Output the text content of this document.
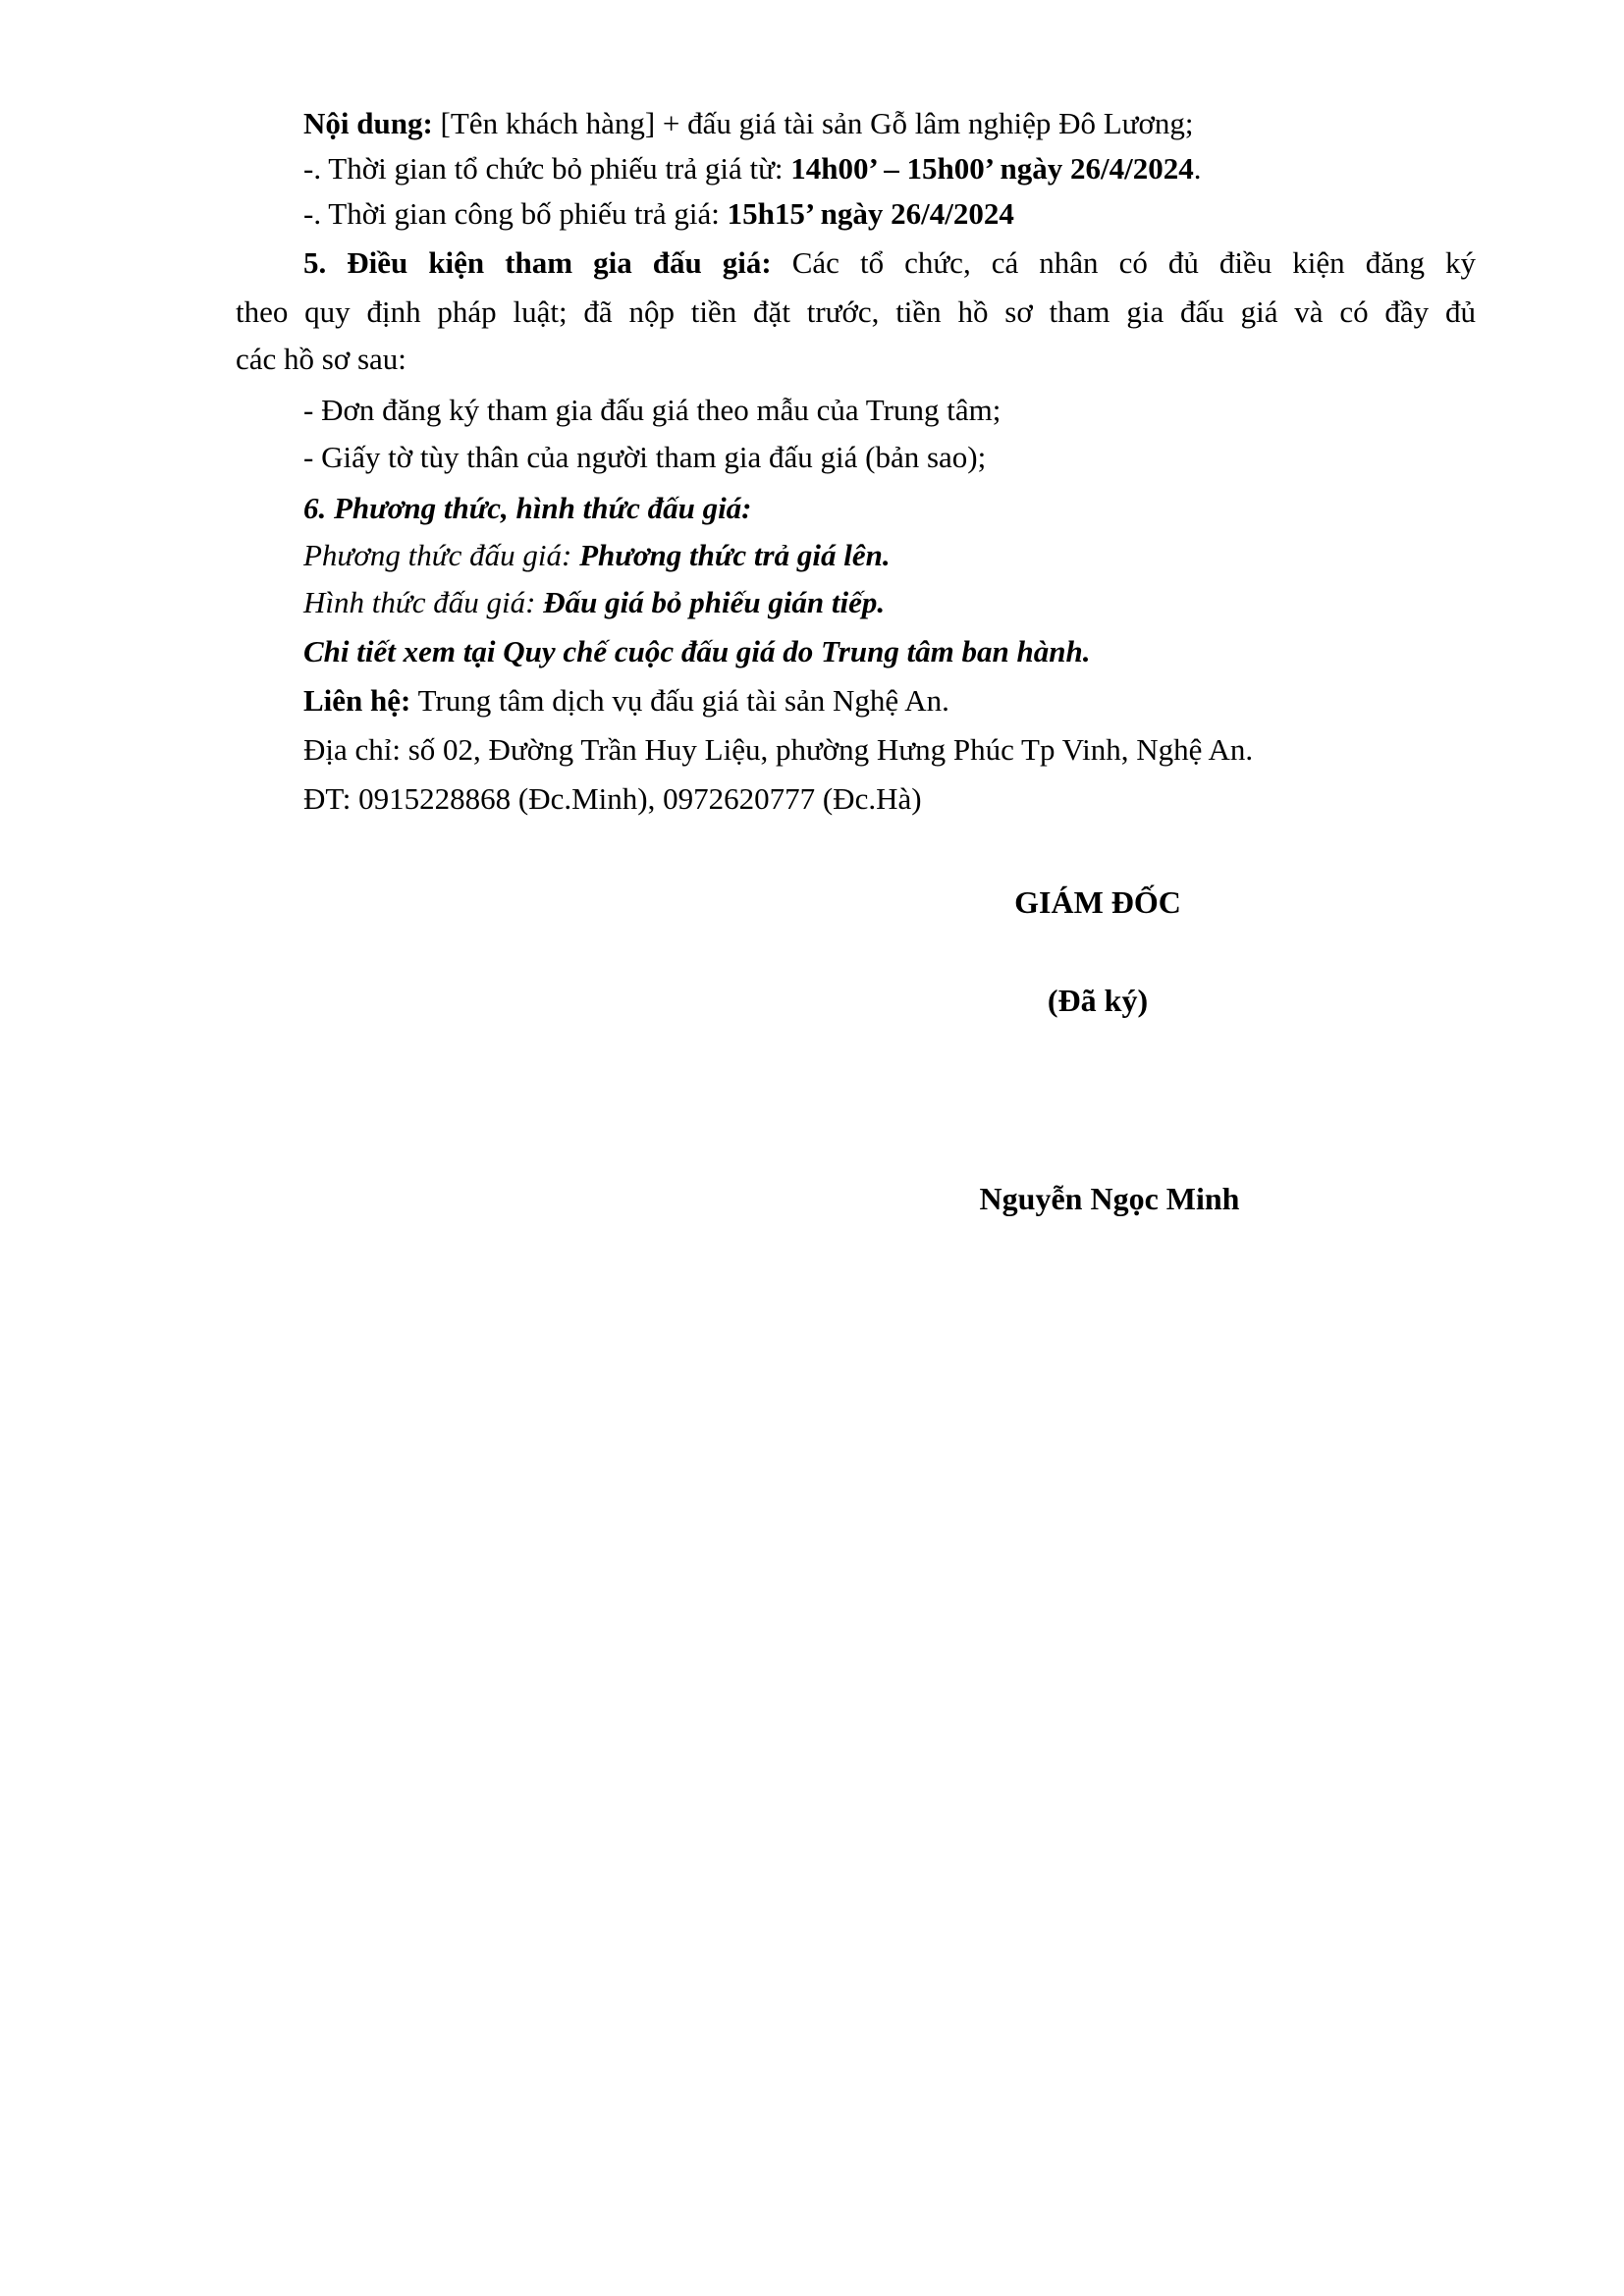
Nội dung: [Tên khách hàng] + đấu giá tài sản Gỗ lâm nghiệp Đô Lương;
-. Thời gian tổ chức bỏ phiếu trả giá từ: 14h00’ – 15h00’ ngày 26/4/2024.
-. Thời gian công bố phiếu trả giá: 15h15’ ngày 26/4/2024
5. Điều kiện tham gia đấu giá: Các tổ chức, cá nhân có đủ điều kiện đăng ký
theo quy định pháp luật; đã nộp tiền đặt trước, tiền hồ sơ tham gia đấu giá và có đầy đủ
các hồ sơ sau:
- Đơn đăng ký tham gia đấu giá theo mẫu của Trung tâm;
- Giấy tờ tùy thân của người tham gia đấu giá (bản sao);
6. Phương thức, hình thức đấu giá:
Phương thức đấu giá: Phương thức trả giá lên.
Hình thức đấu giá: Đấu giá bỏ phiếu gián tiếp.
Chi tiết xem tại Quy chế cuộc đấu giá do Trung tâm ban hành.
Liên hệ: Trung tâm dịch vụ đấu giá tài sản Nghệ An.
Địa chỉ: số 02, Đường Trần Huy Liệu, phường Hưng Phúc Tp Vinh, Nghệ An.
ĐT: 0915228868 (Đc.Minh), 0972620777 (Đc.Hà)
GIÁM ĐỐC
(Đã ký)
Nguyễn Ngọc Minh
